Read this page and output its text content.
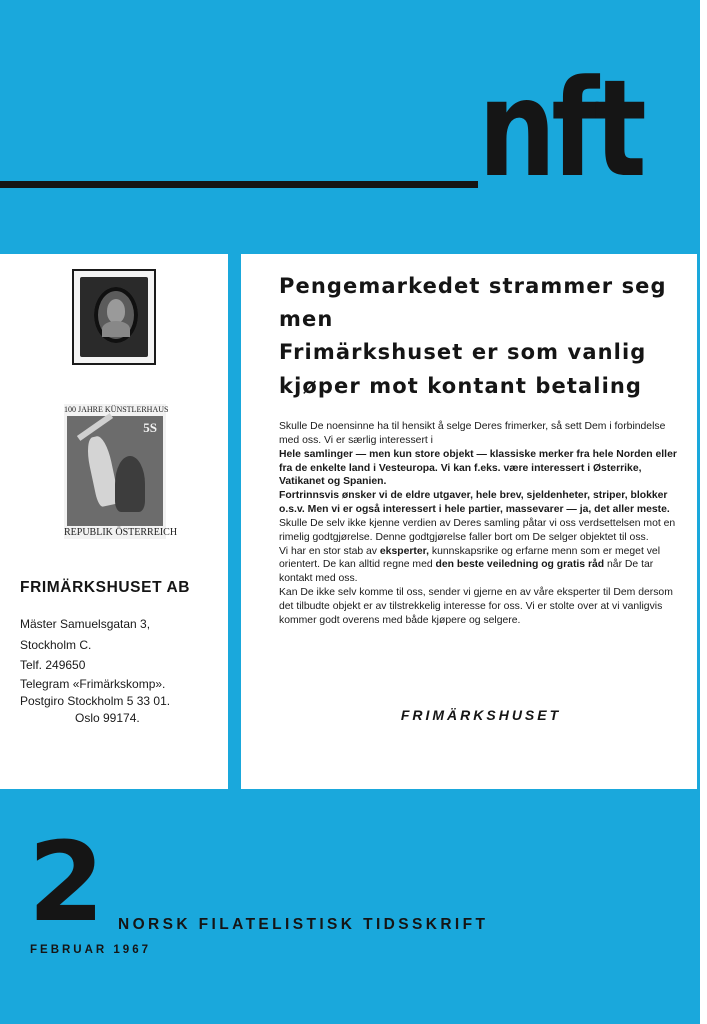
nft
100 JAHRE KÜNSTLERHAUS
5S
REPUBLIK ÖSTERREICH
FRIMÄRKSHUSET AB
Mäster Samuelsgatan 3,
Stockholm C.
Telf. 249650
Telegram «Frimärkskomp».
Postgiro Stockholm 5 33 01.
Oslo 99174.
Pengemarkedet strammer seg
men
Frimärkshuset er som vanlig
kjøper mot kontant betaling

Skulle De noensinne ha til hensikt å selge Deres frimerker, så sett Dem i forbindelse med oss. Vi er særlig interessert i

Hele samlinger — men kun store objekt — klassiske merker fra hele Norden eller fra de enkelte land i Vesteuropa. Vi kan f.eks. være interessert i Østerrike, Vatikanet og Spanien.

Fortrinnsvis ønsker vi de eldre utgaver, hele brev, sjeldenheter, striper, blokker o.s.v. Men vi er også interessert i hele partier, massevarer — ja, det aller meste.

Skulle De selv ikke kjenne verdien av Deres samling påtar vi oss verdsettelsen mot en rimelig godtgjørelse. Denne godtgjørelse faller bort om De selger objektet til oss.

Vi har en stor stab av eksperter, kunnskapsrike og erfarne menn som er meget vel orientert. De kan alltid regne med den beste veiledning og gratis råd når De tar kontakt med oss.

Kan De ikke selv komme til oss, sender vi gjerne en av våre eksperter til Dem dersom det tilbudte objekt er av tilstrekkelig interesse for oss. Vi er stolte over at vi vanligvis kommer godt overens med både kjøpere og selgere.

FRIMÄRKSHUSET
2 NORSK FILATELISTISK TIDSSKRIFT
FEBRUAR 1967
